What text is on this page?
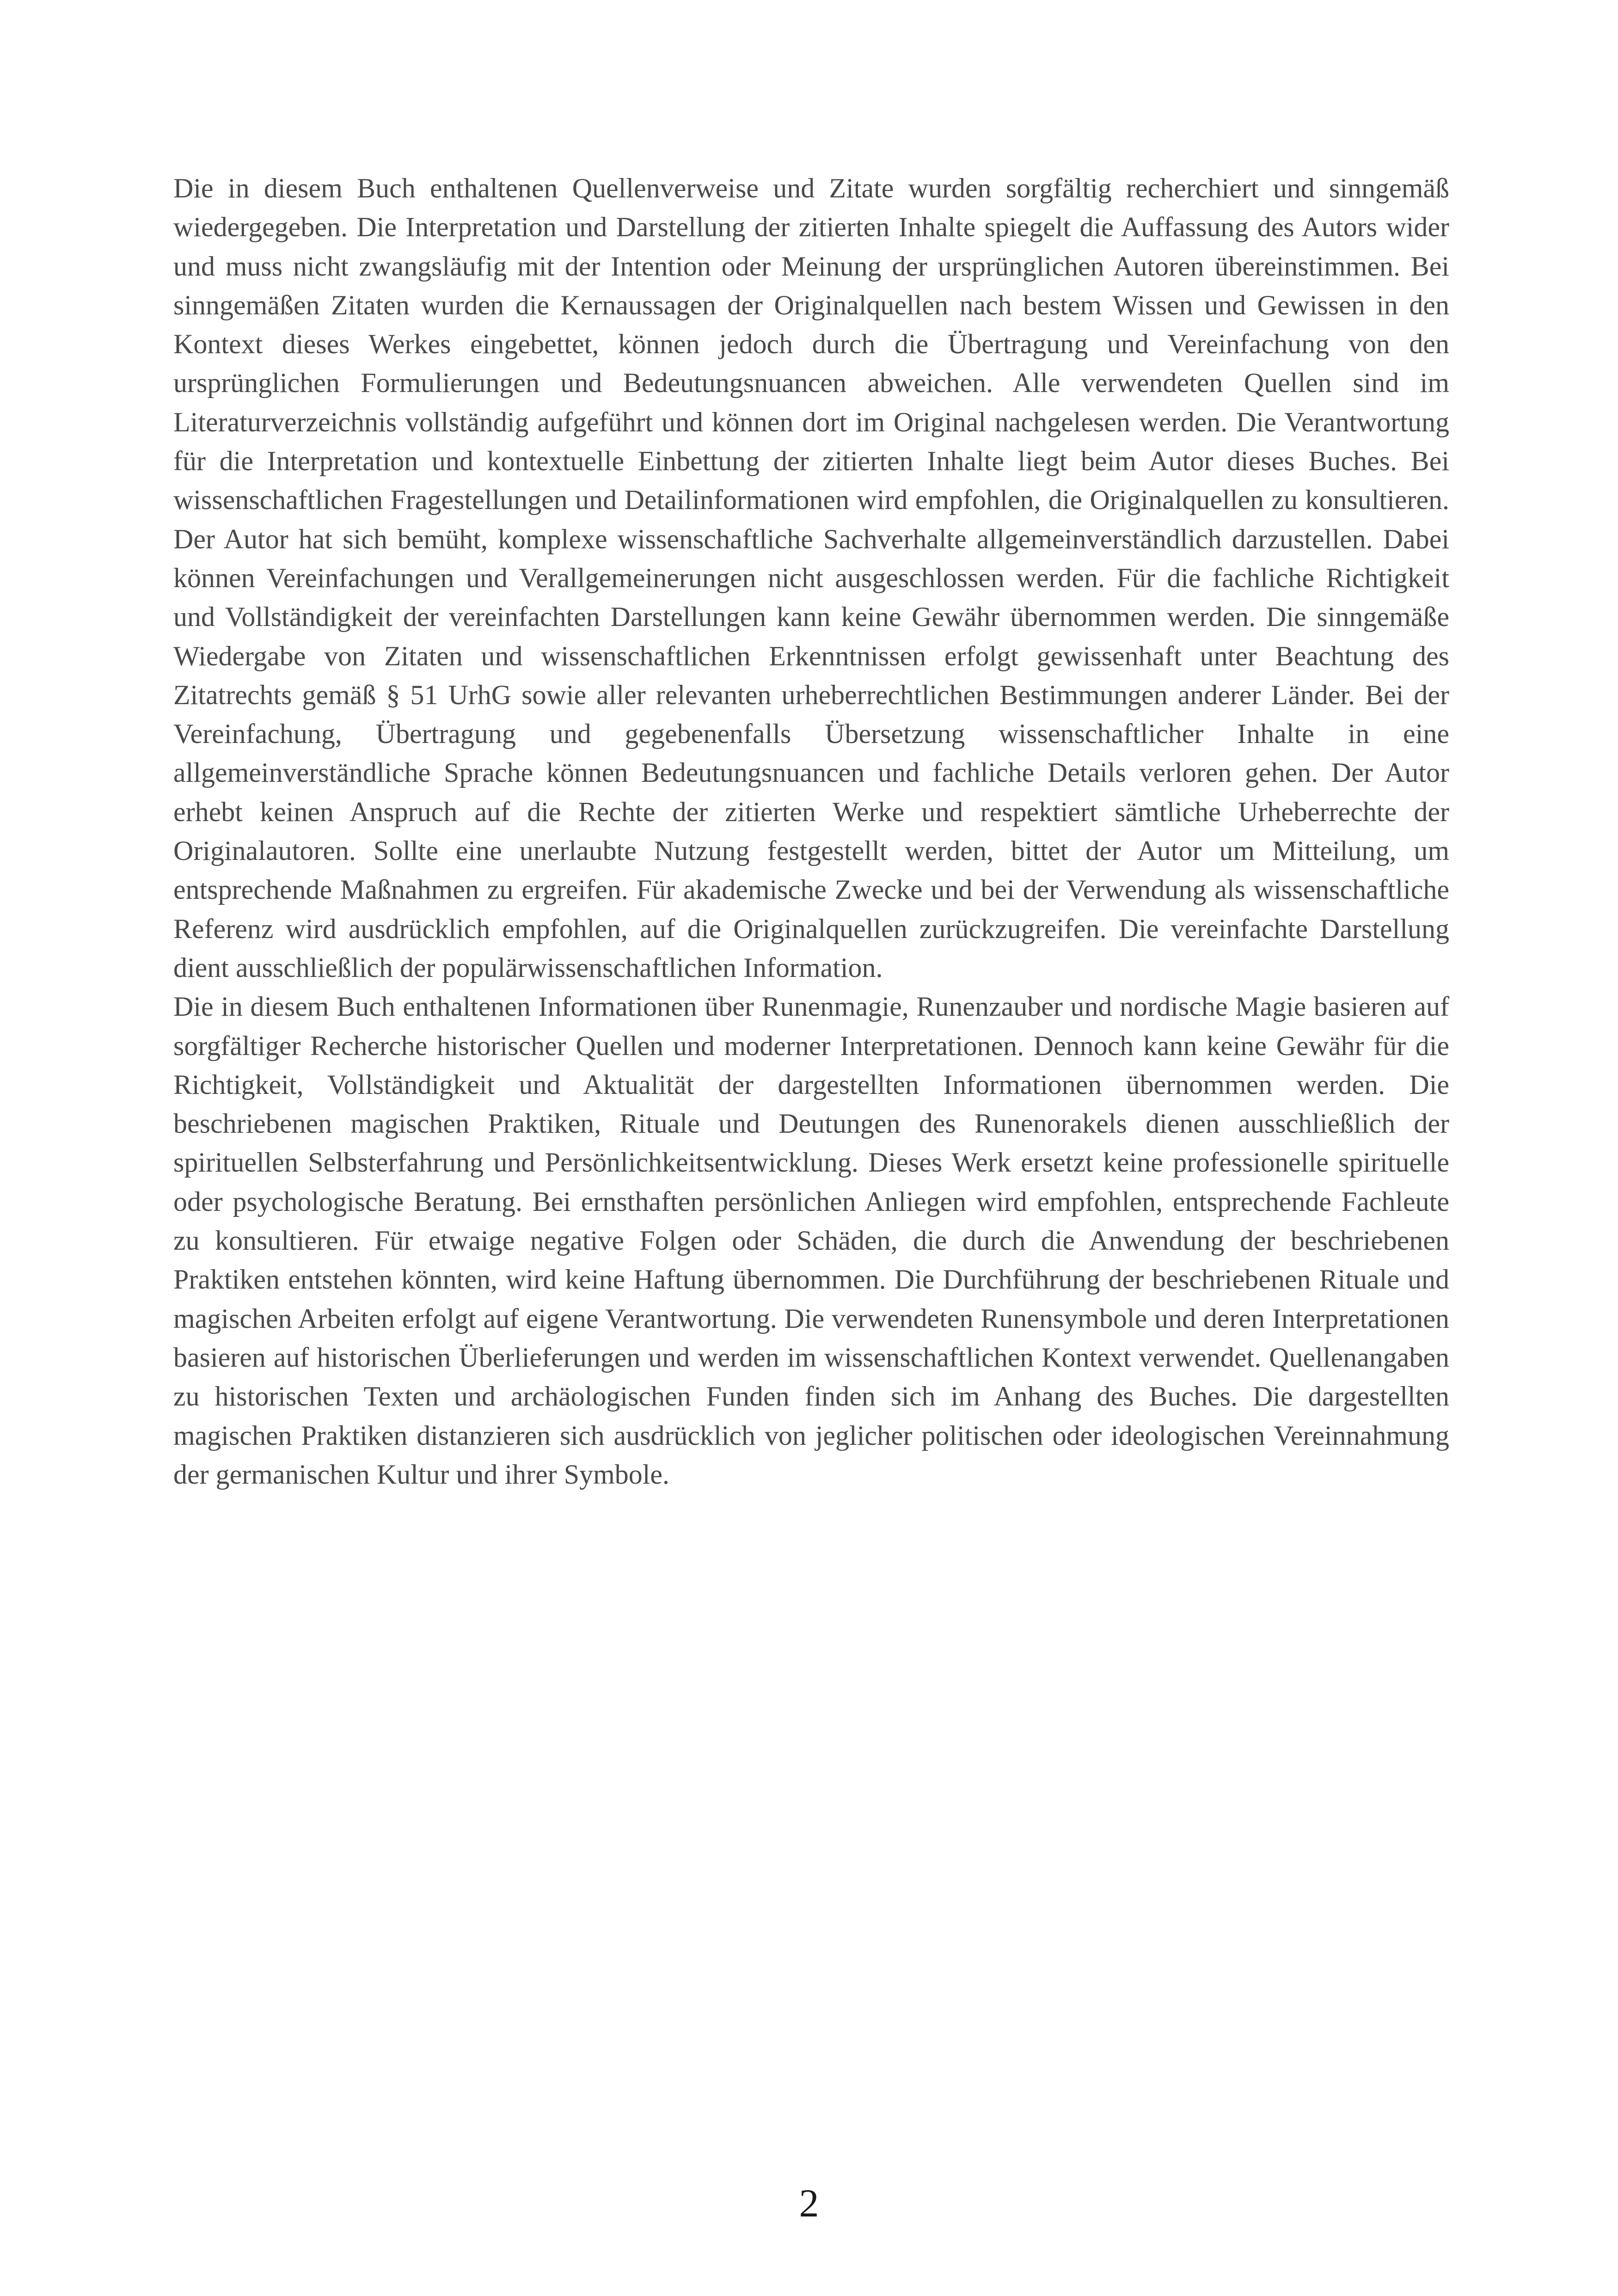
Die in diesem Buch enthaltenen Quellenverweise und Zitate wurden sorgfältig recherchiert und sinngemäß wiedergegeben. Die Interpretation und Darstellung der zitierten Inhalte spiegelt die Auffassung des Autors wider und muss nicht zwangsläufig mit der Intention oder Meinung der ursprünglichen Autoren übereinstimmen. Bei sinngemäßen Zitaten wurden die Kernaussagen der Originalquellen nach bestem Wissen und Gewissen in den Kontext dieses Werkes eingebettet, können jedoch durch die Übertragung und Vereinfachung von den ursprünglichen Formulierungen und Bedeutungsnuancen abweichen. Alle verwendeten Quellen sind im Literaturverzeichnis vollständig aufgeführt und können dort im Original nachgelesen werden. Die Verantwortung für die Interpretation und kontextuelle Einbettung der zitierten Inhalte liegt beim Autor dieses Buches. Bei wissenschaftlichen Fragestellungen und Detailinformationen wird empfohlen, die Originalquellen zu konsultieren. Der Autor hat sich bemüht, komplexe wissenschaftliche Sachverhalte allgemeinverständlich darzustellen. Dabei können Vereinfachungen und Verallgemeinerungen nicht ausgeschlossen werden. Für die fachliche Richtigkeit und Vollständigkeit der vereinfachten Darstellungen kann keine Gewähr übernommen werden. Die sinngemäße Wiedergabe von Zitaten und wissenschaftlichen Erkenntnissen erfolgt gewissenhaft unter Beachtung des Zitatrechts gemäß § 51 UrhG sowie aller relevanten urheberrechtlichen Bestimmungen anderer Länder. Bei der Vereinfachung, Übertragung und gegebenenfalls Übersetzung wissenschaftlicher Inhalte in eine allgemeinverständliche Sprache können Bedeutungsnuancen und fachliche Details verloren gehen. Der Autor erhebt keinen Anspruch auf die Rechte der zitierten Werke und respektiert sämtliche Urheberrechte der Originalautoren. Sollte eine unerlaubte Nutzung festgestellt werden, bittet der Autor um Mitteilung, um entsprechende Maßnahmen zu ergreifen. Für akademische Zwecke und bei der Verwendung als wissenschaftliche Referenz wird ausdrücklich empfohlen, auf die Originalquellen zurückzugreifen. Die vereinfachte Darstellung dient ausschließlich der populärwissenschaftlichen Information.

Die in diesem Buch enthaltenen Informationen über Runenmagie, Runenzauber und nordische Magie basieren auf sorgfältiger Recherche historischer Quellen und moderner Interpretationen. Dennoch kann keine Gewähr für die Richtigkeit, Vollständigkeit und Aktualität der dargestellten Informationen übernommen werden. Die beschriebenen magischen Praktiken, Rituale und Deutungen des Runenorakels dienen ausschließlich der spirituellen Selbsterfahrung und Persönlichkeitsentwicklung. Dieses Werk ersetzt keine professionelle spirituelle oder psychologische Beratung. Bei ernsthaften persönlichen Anliegen wird empfohlen, entsprechende Fachleute zu konsultieren. Für etwaige negative Folgen oder Schäden, die durch die Anwendung der beschriebenen Praktiken entstehen könnten, wird keine Haftung übernommen. Die Durchführung der beschriebenen Rituale und magischen Arbeiten erfolgt auf eigene Verantwortung. Die verwendeten Runensymbole und deren Interpretationen basieren auf historischen Überlieferungen und werden im wissenschaftlichen Kontext verwendet. Quellenangaben zu historischen Texten und archäologischen Funden finden sich im Anhang des Buches. Die dargestellten magischen Praktiken distanzieren sich ausdrücklich von jeglicher politischen oder ideologischen Vereinnahmung der germanischen Kultur und ihrer Symbole.

2
